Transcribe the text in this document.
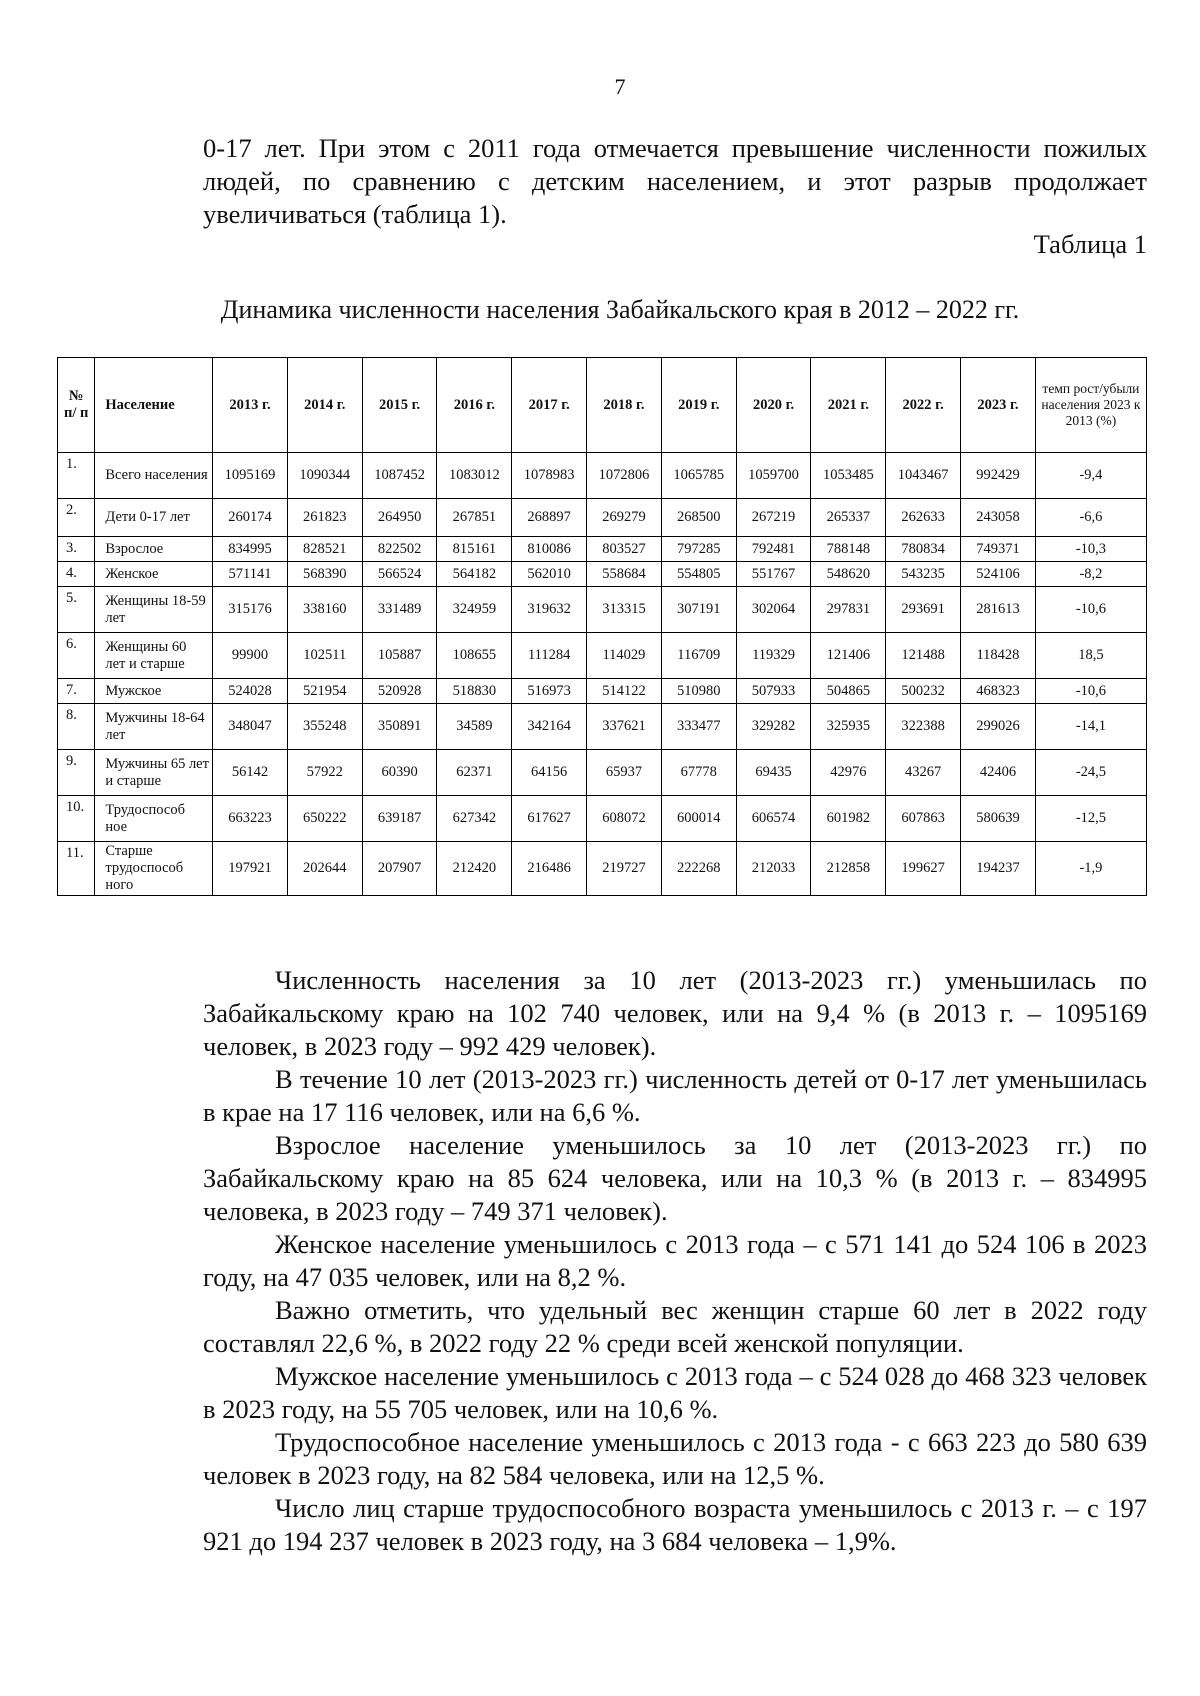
7

0-17 лет. При этом с 2011 года отмечается превышение численности пожилых людей, по сравнению с детским населением, и этот разрыв продолжает увеличиваться (таблица 1).

Таблица 1
Динамика численности населения Забайкальского края в 2012 – 2022 гг.
№ п/ п	Население	2013 г.	2014 г.	2015 г.	2016 г.	2017 г.	2018 г.	2019 г.	2020 г.	2021 г.	2022 г.	2023 г.	темп рост/убыли населения 2023 к 2013 (%)
1.	Всего населения	1095169	1090344	1087452	1083012	1078983	1072806	1065785	1059700	1053485	1043467	992429	-9,4
2.	Дети 0-17 лет	260174	261823	264950	267851	268897	269279	268500	267219	265337	262633	243058	-6,6
3.	Взрослое	834995	828521	822502	815161	810086	803527	797285	792481	788148	780834	749371	-10,3
4.	Женское	571141	568390	566524	564182	562010	558684	554805	551767	548620	543235	524106	-8,2
5.	Женщины 18-59 лет	315176	338160	331489	324959	319632	313315	307191	302064	297831	293691	281613	-10,6
6.	Женщины 60 лет и старше	99900	102511	105887	108655	111284	114029	116709	119329	121406	121488	118428	18,5
7.	Мужское	524028	521954	520928	518830	516973	514122	510980	507933	504865	500232	468323	-10,6
8.	Мужчины 18-64 лет	348047	355248	350891	34589	342164	337621	333477	329282	325935	322388	299026	-14,1
9.	Мужчины 65 лет и старше	56142	57922	60390	62371	64156	65937	67778	69435	42976	43267	42406	-24,5
10.	Трудоспособ ное	663223	650222	639187	627342	617627	608072	600014	606574	601982	607863	580639	-12,5
11.	Старше трудоспособ ного	197921	202644	207907	212420	216486	219727	222268	212033	212858	199627	194237	-1,9

Численность населения за 10 лет (2013-2023 гг.) уменьшилась по Забайкальскому краю на 102 740 человек, или на 9,4 % (в 2013 г. – 1095169 человек, в 2023 году – 992 429 человек).

В течение 10 лет (2013-2023 гг.) численность детей от 0-17 лет уменьшилась в крае на 17 116 человек, или на 6,6 %.

Взрослое население уменьшилось за 10 лет (2013-2023 гг.) по Забайкальскому краю на 85 624 человека, или на 10,3 % (в 2013 г. – 834995 человека, в 2023 году – 749 371 человек).

Женское население уменьшилось с 2013 года – с 571 141 до 524 106 в 2023 году, на 47 035 человек, или на 8,2 %.

Важно отметить, что удельный вес женщин старше 60 лет в 2022 году составлял 22,6 %, в 2022 году 22 % среди всей женской популяции.

Мужское население уменьшилось с 2013 года – с 524 028 до 468 323 человек в 2023 году, на 55 705 человек, или на 10,6 %.

Трудоспособное население уменьшилось с 2013 года - с 663 223 до 580 639 человек в 2023 году, на 82 584 человека, или на 12,5 %.

Число лиц старше трудоспособного возраста уменьшилось с 2013 г. – с 197 921 до 194 237 человек в 2023 году, на 3 684 человека – 1,9%.
